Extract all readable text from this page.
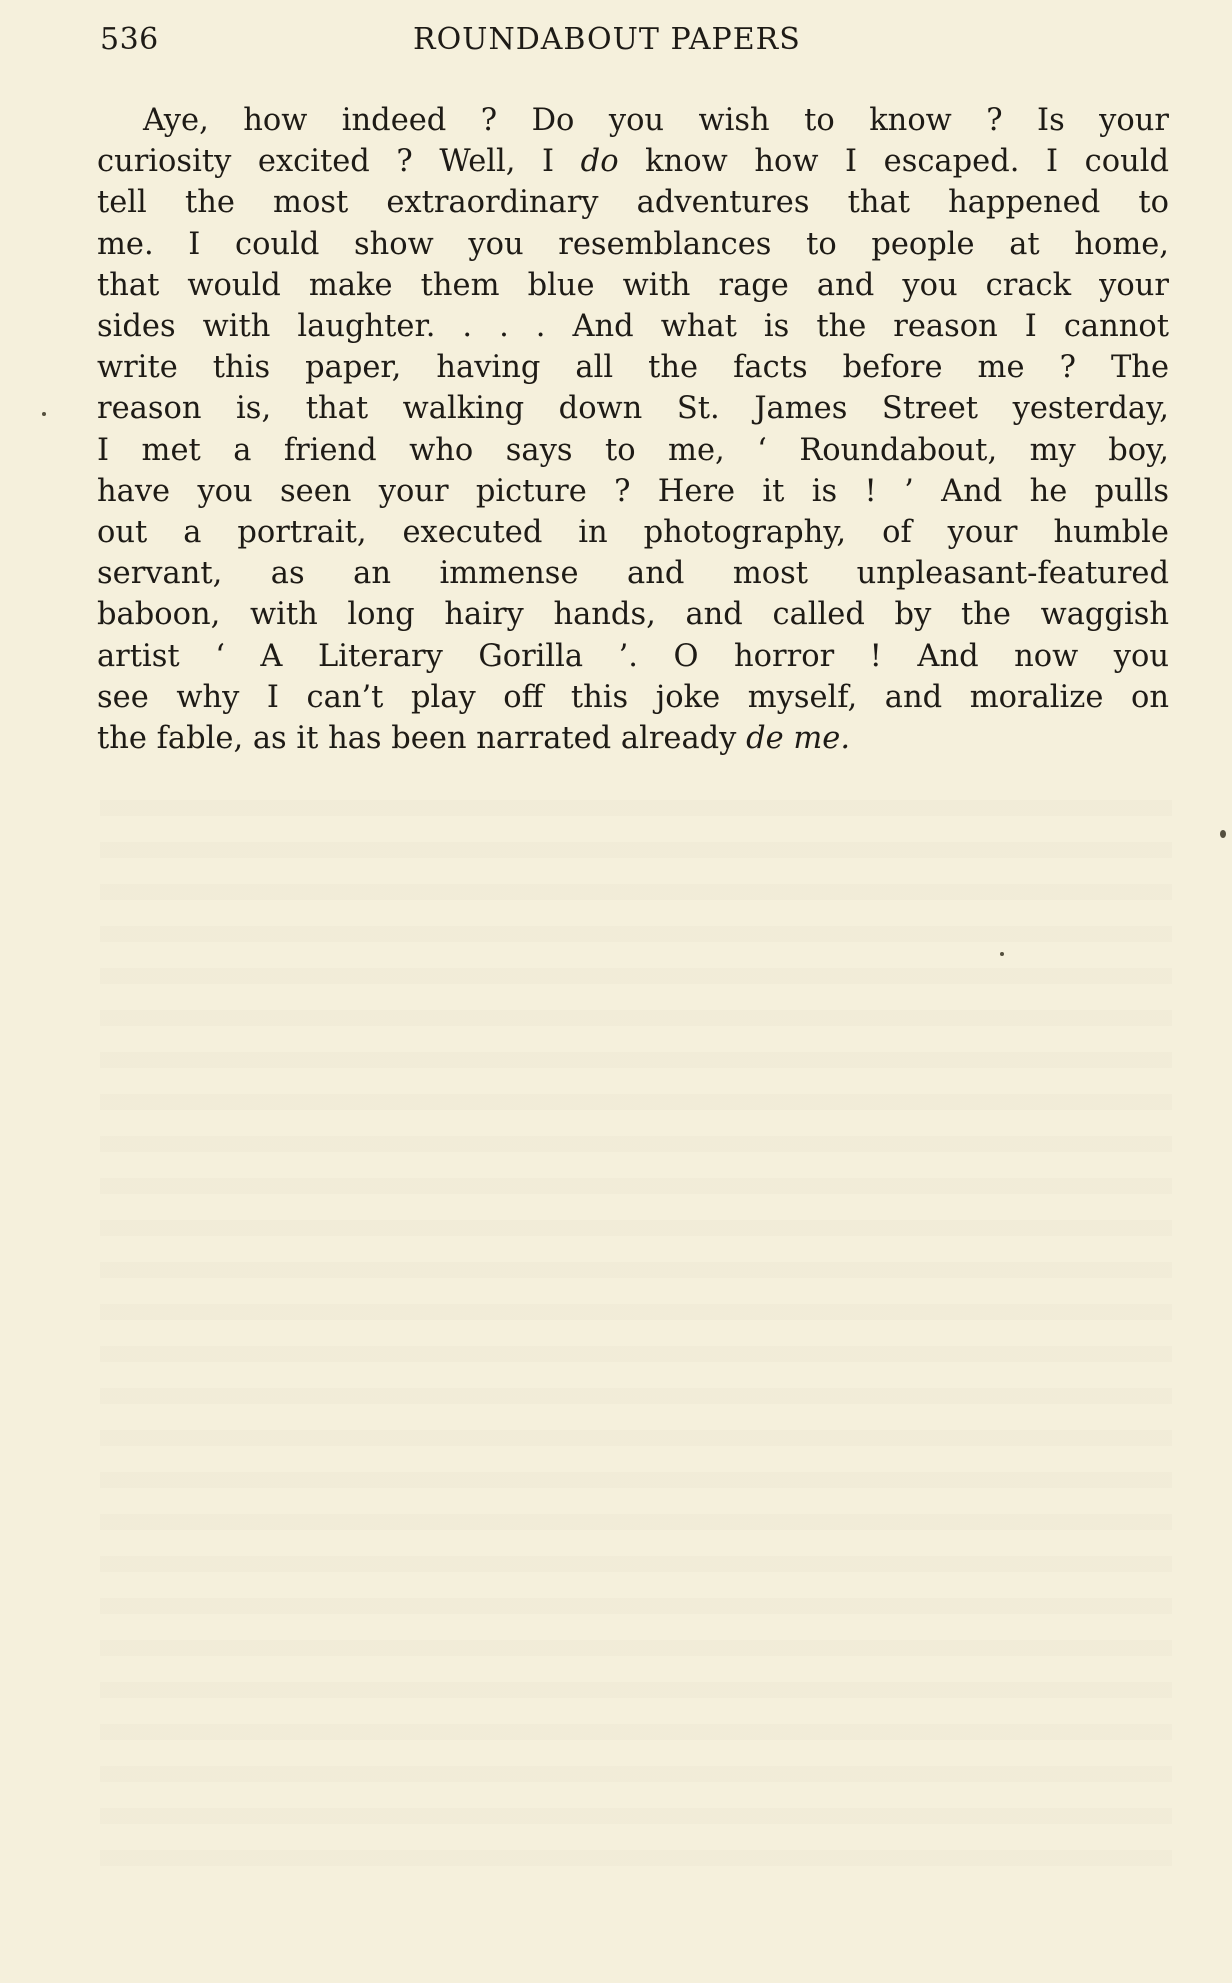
536	ROUNDABOUT PAPERS

Aye, how indeed ? Do you wish to know ? Is your
curiosity excited ? Well, I do know how I escaped. I could
tell the most extraordinary adventures that happened to
me. I could show you resemblances to people at home,
that would make them blue with rage and you crack your
sides with laughter. . . . And what is the reason I cannot
write this paper, having all the facts before me ? The
reason is, that walking down St. James Street yesterday,
I met a friend who says to me, ‘ Roundabout, my boy,
have you seen your picture ? Here it is ! ’ And he pulls
out a portrait, executed in photography, of your humble
servant, as an immense and most unpleasant-featured
baboon, with long hairy hands, and called by the waggish
artist ‘ A Literary Gorilla ’. O horror ! And now you
see why I can’t play off this joke myself, and moralize on
the fable, as it has been narrated already de me.
